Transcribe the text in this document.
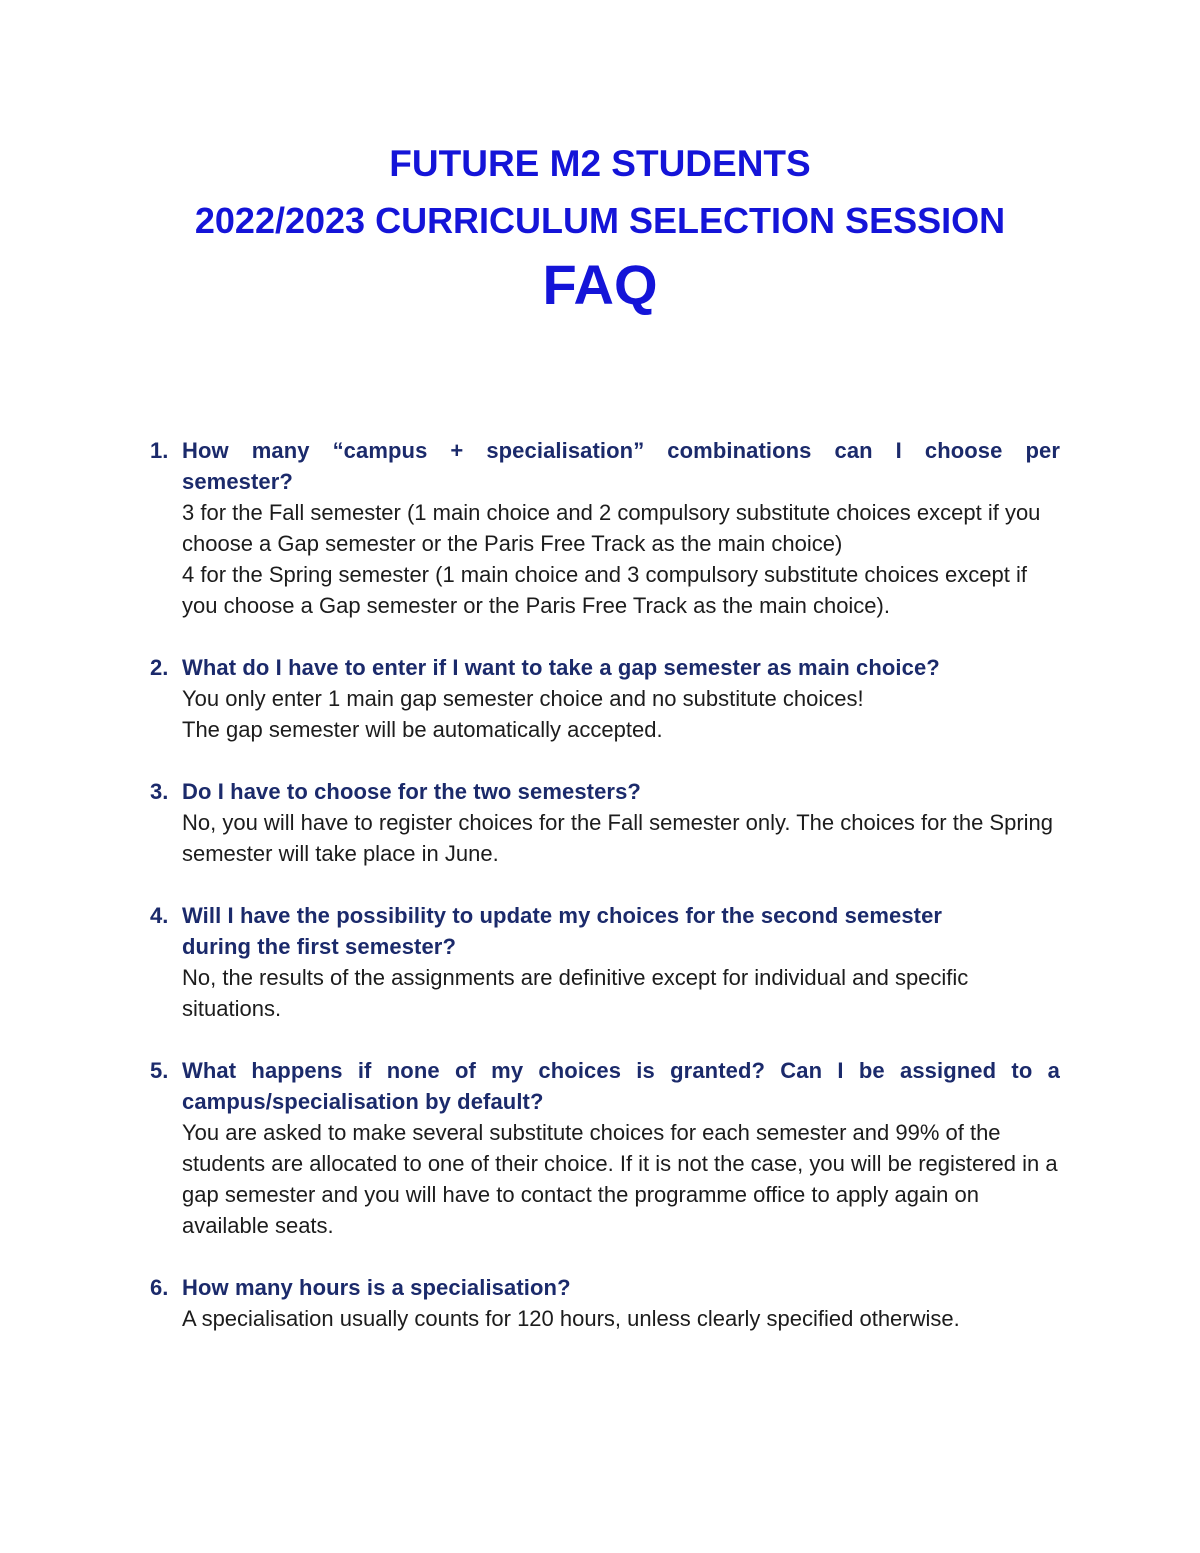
FUTURE M2 STUDENTS
2022/2023 CURRICULUM SELECTION SESSION
FAQ
1. How many “campus + specialisation” combinations can I choose per semester?

3 for the Fall semester (1 main choice and 2 compulsory substitute choices except if you choose a Gap semester or the Paris Free Track as the main choice)

4 for the Spring semester (1 main choice and 3 compulsory substitute choices except if you choose a Gap semester or the Paris Free Track as the main choice).

2. What do I have to enter if I want to take a gap semester as main choice?

You only enter 1 main gap semester choice and no substitute choices!

The gap semester will be automatically accepted.

3. Do I have to choose for the two semesters?

No, you will have to register choices for the Fall semester only. The choices for the Spring semester will take place in June.

4. Will I have the possibility to update my choices for the second semester during the first semester?

No, the results of the assignments are definitive except for individual and specific situations.

5. What happens if none of my choices is granted? Can I be assigned to a campus/specialisation by default?

You are asked to make several substitute choices for each semester and 99% of the students are allocated to one of their choice. If it is not the case, you will be registered in a gap semester and you will have to contact the programme office to apply again on available seats.

6. How many hours is a specialisation?

A specialisation usually counts for 120 hours, unless clearly specified otherwise.
